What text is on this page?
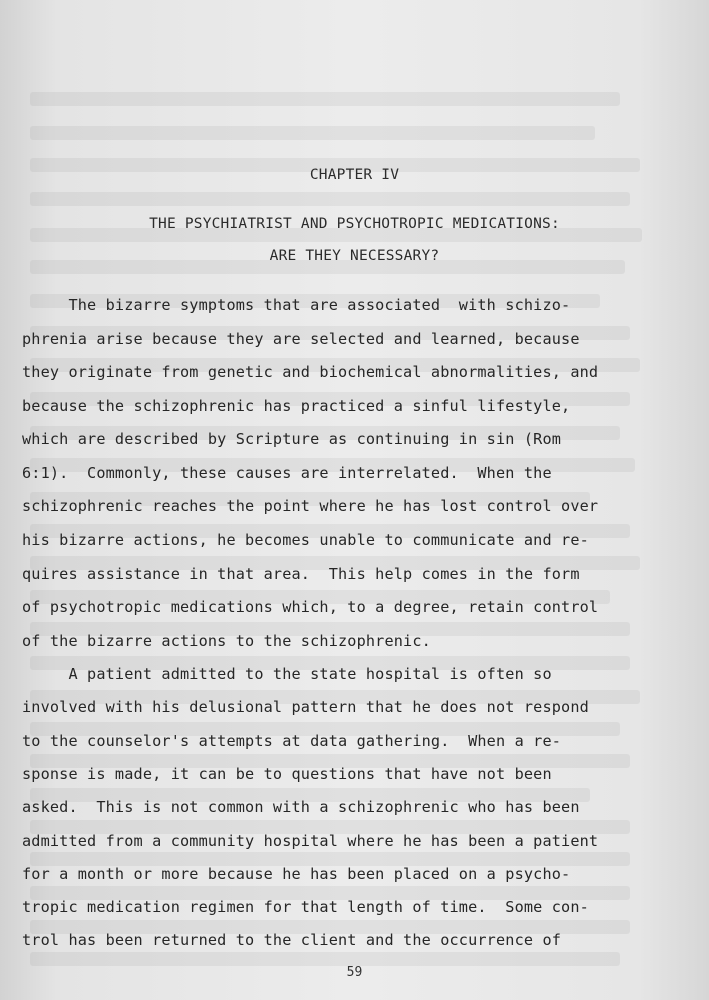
CHAPTER IV
THE PSYCHIATRIST AND PSYCHOTROPIC MEDICATIONS:
ARE THEY NECESSARY?
The bizarre symptoms that are associated  with schizo-
phrenia arise because they are selected and learned, because
they originate from genetic and biochemical abnormalities, and
because the schizophrenic has practiced a sinful lifestyle,
which are described by Scripture as continuing in sin (Rom
6:1).  Commonly, these causes are interrelated.  When the
schizophrenic reaches the point where he has lost control over
his bizarre actions, he becomes unable to communicate and re-
quires assistance in that area.  This help comes in the form
of psychotropic medications which, to a degree, retain control
of the bizarre actions to the schizophrenic.
A patient admitted to the state hospital is often so
involved with his delusional pattern that he does not respond
to the counselor's attempts at data gathering.  When a re-
sponse is made, it can be to questions that have not been
asked.  This is not common with a schizophrenic who has been
admitted from a community hospital where he has been a patient
for a month or more because he has been placed on a psycho-
tropic medication regimen for that length of time.  Some con-
trol has been returned to the client and the occurrence of
59
